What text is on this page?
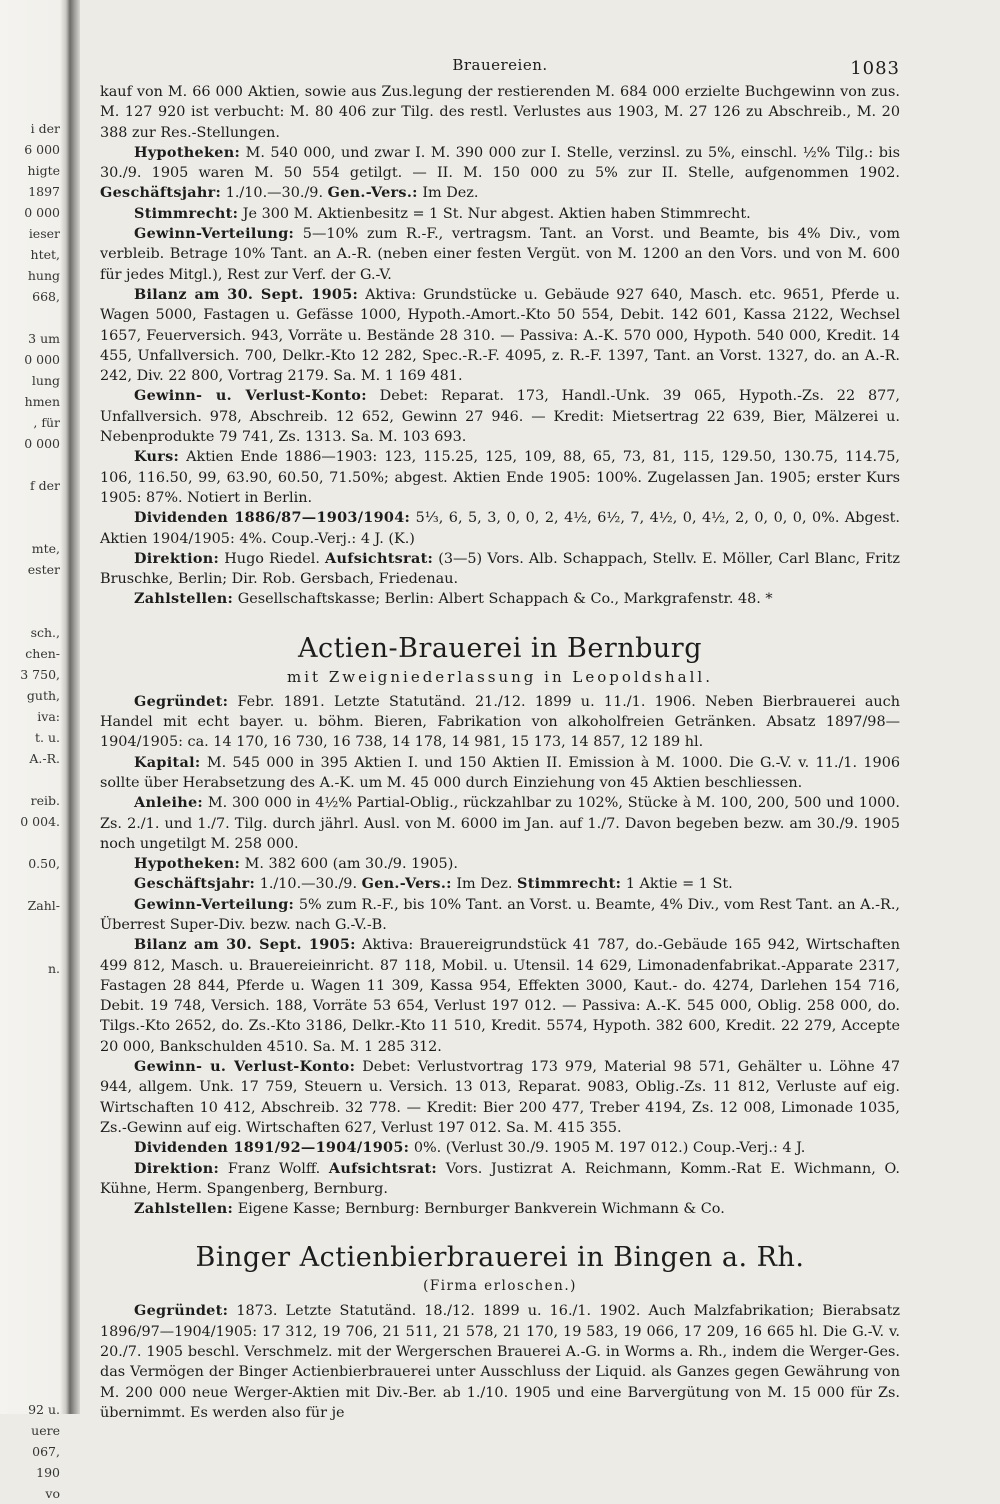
i der
6 000
higte
1897
0 000
ieser
htet,
hung
668,
3 um
0 000
lung
hmen
, für
0 000
f der
mte,
ester
sch.,
chen-
3 750,
guth,
iva:
t. u.
A.-R.
reib.
0 004.
0.50,
Zahl-
n.
92 u.
uere
067,
190
vo
Brauereien.	1083

kauf von M. 66 000 Aktien, sowie aus Zus.legung der restierenden M. 684 000 erzielte Buchgewinn von zus. M. 127 920 ist verbucht: M. 80 406 zur Tilg. des restl. Verlustes aus 1903, M. 27 126 zu Abschreib., M. 20 388 zur Res.-Stellungen.

Hypotheken: M. 540 000, und zwar I. M. 390 000 zur I. Stelle, verzinsl. zu 5%, einschl. ½% Tilg.: bis 30./9. 1905 waren M. 50 554 getilgt. — II. M. 150 000 zu 5% zur II. Stelle, aufgenommen 1902. Geschäftsjahr: 1./10.—30./9. Gen.-Vers.: Im Dez.

Stimmrecht: Je 300 M. Aktienbesitz = 1 St. Nur abgest. Aktien haben Stimmrecht.

Gewinn-Verteilung: 5—10% zum R.-F., vertragsm. Tant. an Vorst. und Beamte, bis 4% Div., vom verbleib. Betrage 10% Tant. an A.-R. (neben einer festen Vergüt. von M. 1200 an den Vors. und von M. 600 für jedes Mitgl.), Rest zur Verf. der G.-V.

Bilanz am 30. Sept. 1905: Aktiva: Grundstücke u. Gebäude 927 640, Masch. etc. 9651, Pferde u. Wagen 5000, Fastagen u. Gefässe 1000, Hypoth.-Amort.-Kto 50 554, Debit. 142 601, Kassa 2122, Wechsel 1657, Feuerversich. 943, Vorräte u. Bestände 28 310. — Passiva: A.-K. 570 000, Hypoth. 540 000, Kredit. 14 455, Unfallversich. 700, Delkr.-Kto 12 282, Spec.-R.-F. 4095, z. R.-F. 1397, Tant. an Vorst. 1327, do. an A.-R. 242, Div. 22 800, Vortrag 2179. Sa. M. 1 169 481.

Gewinn- u. Verlust-Konto: Debet: Reparat. 173, Handl.-Unk. 39 065, Hypoth.-Zs. 22 877, Unfallversich. 978, Abschreib. 12 652, Gewinn 27 946. — Kredit: Mietsertrag 22 639, Bier, Mälzerei u. Nebenprodukte 79 741, Zs. 1313. Sa. M. 103 693.

Kurs: Aktien Ende 1886—1903: 123, 115.25, 125, 109, 88, 65, 73, 81, 115, 129.50, 130.75, 114.75, 106, 116.50, 99, 63.90, 60.50, 71.50%; abgest. Aktien Ende 1905: 100%. Zugelassen Jan. 1905; erster Kurs 1905: 87%. Notiert in Berlin.

Dividenden 1886/87—1903/1904: 5⅓, 6, 5, 3, 0, 0, 2, 4½, 6½, 7, 4½, 0, 4½, 2, 0, 0, 0, 0%. Abgest. Aktien 1904/1905: 4%. Coup.-Verj.: 4 J. (K.)

Direktion: Hugo Riedel. Aufsichtsrat: (3—5) Vors. Alb. Schappach, Stellv. E. Möller, Carl Blanc, Fritz Bruschke, Berlin; Dir. Rob. Gersbach, Friedenau.

Zahlstellen: Gesellschaftskasse; Berlin: Albert Schappach & Co., Markgrafenstr. 48. *

Actien-Brauerei in Bernburg
mit Zweigniederlassung in Leopoldshall.

Gegründet: Febr. 1891. Letzte Statutänd. 21./12. 1899 u. 11./1. 1906. Neben Bierbrauerei auch Handel mit echt bayer. u. böhm. Bieren, Fabrikation von alkoholfreien Getränken. Absatz 1897/98—1904/1905: ca. 14 170, 16 730, 16 738, 14 178, 14 981, 15 173, 14 857, 12 189 hl.

Kapital: M. 545 000 in 395 Aktien I. und 150 Aktien II. Emission à M. 1000. Die G.-V. v. 11./1. 1906 sollte über Herabsetzung des A.-K. um M. 45 000 durch Einziehung von 45 Aktien beschliessen.

Anleihe: M. 300 000 in 4½% Partial-Oblig., rückzahlbar zu 102%, Stücke à M. 100, 200, 500 und 1000. Zs. 2./1. und 1./7. Tilg. durch jährl. Ausl. von M. 6000 im Jan. auf 1./7. Davon begeben bezw. am 30./9. 1905 noch ungetilgt M. 258 000.

Hypotheken: M. 382 600 (am 30./9. 1905).

Geschäftsjahr: 1./10.—30./9. Gen.-Vers.: Im Dez. Stimmrecht: 1 Aktie = 1 St.

Gewinn-Verteilung: 5% zum R.-F., bis 10% Tant. an Vorst. u. Beamte, 4% Div., vom Rest Tant. an A.-R., Überrest Super-Div. bezw. nach G.-V.-B.

Bilanz am 30. Sept. 1905: Aktiva: Brauereigrundstück 41 787, do.-Gebäude 165 942, Wirtschaften 499 812, Masch. u. Brauereieinricht. 87 118, Mobil. u. Utensil. 14 629, Limonadenfabrikat.-Apparate 2317, Fastagen 28 844, Pferde u. Wagen 11 309, Kassa 954, Effekten 3000, Kaut.- do. 4274, Darlehen 154 716, Debit. 19 748, Versich. 188, Vorräte 53 654, Verlust 197 012. — Passiva: A.-K. 545 000, Oblig. 258 000, do. Tilgs.-Kto 2652, do. Zs.-Kto 3186, Delkr.-Kto 11 510, Kredit. 5574, Hypoth. 382 600, Kredit. 22 279, Accepte 20 000, Bankschulden 4510. Sa. M. 1 285 312.

Gewinn- u. Verlust-Konto: Debet: Verlustvortrag 173 979, Material 98 571, Gehälter u. Löhne 47 944, allgem. Unk. 17 759, Steuern u. Versich. 13 013, Reparat. 9083, Oblig.-Zs. 11 812, Verluste auf eig. Wirtschaften 10 412, Abschreib. 32 778. — Kredit: Bier 200 477, Treber 4194, Zs. 12 008, Limonade 1035, Zs.-Gewinn auf eig. Wirtschaften 627, Verlust 197 012. Sa. M. 415 355.

Dividenden 1891/92—1904/1905: 0%. (Verlust 30./9. 1905 M. 197 012.) Coup.-Verj.: 4 J.

Direktion: Franz Wolff. Aufsichtsrat: Vors. Justizrat A. Reichmann, Komm.-Rat E. Wichmann, O. Kühne, Herm. Spangenberg, Bernburg.

Zahlstellen: Eigene Kasse; Bernburg: Bernburger Bankverein Wichmann & Co.

Binger Actienbierbrauerei in Bingen a. Rh.
(Firma erloschen.)

Gegründet: 1873. Letzte Statutänd. 18./12. 1899 u. 16./1. 1902. Auch Malzfabrikation; Bierabsatz 1896/97—1904/1905: 17 312, 19 706, 21 511, 21 578, 21 170, 19 583, 19 066, 17 209, 16 665 hl. Die G.-V. v. 20./7. 1905 beschl. Verschmelz. mit der Wergerschen Brauerei A.-G. in Worms a. Rh., indem die Werger-Ges. das Vermögen der Binger Actienbierbrauerei unter Ausschluss der Liquid. als Ganzes gegen Gewährung von M. 200 000 neue Werger-Aktien mit Div.-Ber. ab 1./10. 1905 und eine Barvergütung von M. 15 000 für Zs. übernimmt. Es werden also für je
